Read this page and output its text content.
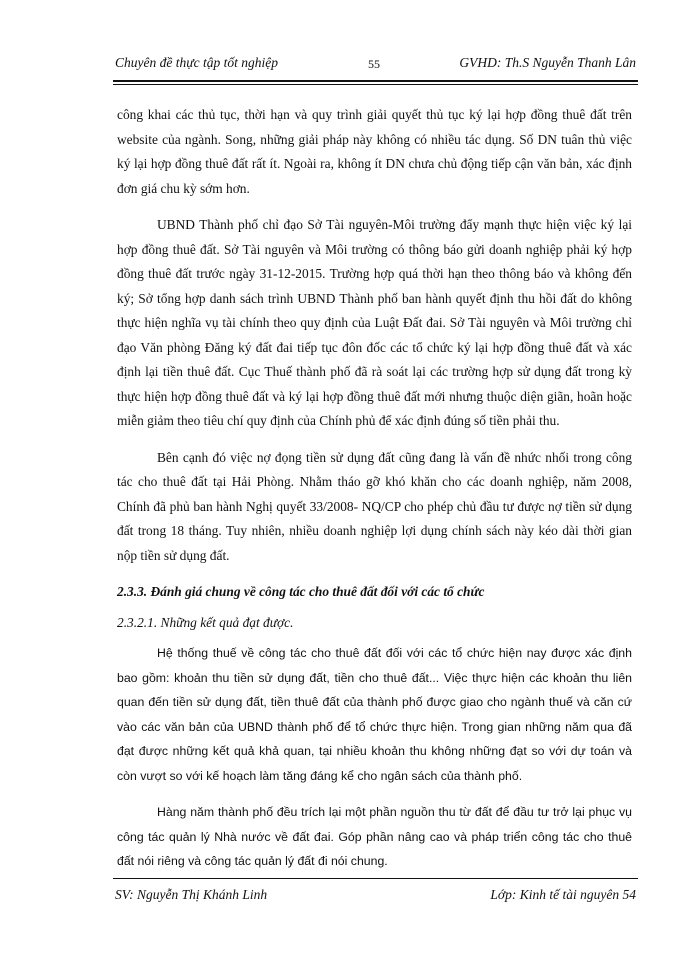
Chuyên đề thực tập tốt nghiệp	55	GVHD: Th.S Nguyễn Thanh Lân

công khai các thủ tục, thời hạn và quy trình giải quyết thủ tục ký lại hợp đồng thuê đất trên website của ngành. Song, những giải pháp này không có nhiều tác dụng. Số DN tuân thủ việc ký lại hợp đồng thuê đất rất ít. Ngoài ra, không ít DN chưa chủ động tiếp cận văn bản, xác định đơn giá chu kỳ sớm hơn.

UBND Thành phố chỉ đạo Sở Tài nguyên-Môi trường đẩy mạnh thực hiện việc ký lại hợp đồng thuê đất. Sở Tài nguyên và Môi trường có thông báo gửi doanh nghiệp phải ký hợp đồng thuê đất trước ngày 31-12-2015. Trường hợp quá thời hạn theo thông báo và không đến ký; Sở tổng hợp danh sách trình UBND Thành phố ban hành quyết định thu hồi đất do không thực hiện nghĩa vụ tài chính theo quy định của Luật Đất đai. Sở Tài nguyên và Môi trường chỉ đạo Văn phòng Đăng ký đất đai tiếp tục đôn đốc các tổ chức ký lại hợp đồng thuê đất và xác định lại tiền thuê đất. Cục Thuế thành phố đã rà soát lại các trường hợp sử dụng đất trong kỳ thực hiện hợp đồng thuê đất và ký lại hợp đồng thuê đất mới nhưng thuộc diện giãn, hoãn hoặc miễn giảm theo tiêu chí quy định của Chính phủ để xác định đúng số tiền phải thu.

Bên cạnh đó việc nợ đọng tiền sử dụng đất cũng đang là vấn đề nhức nhối trong công tác cho thuê đất tại Hải Phòng. Nhằm tháo gỡ khó khăn cho các doanh nghiệp, năm 2008, Chính đã phủ ban hành Nghị quyết 33/2008- NQ/CP cho phép chủ đầu tư được nợ tiền sử dụng đất trong 18 tháng. Tuy nhiên, nhiều doanh nghiệp lợi dụng chính sách này kéo dài thời gian nộp tiền sử dụng đất.

2.3.3. Đánh giá chung về công tác cho thuê đất đối với các tổ chức
2.3.2.1. Những kết quả đạt được.

Hệ thống thuế về công tác cho thuê đất đối với các tổ chức hiện nay được xác định bao gồm: khoản thu tiền sử dụng đất, tiền cho thuê đất... Việc thực hiện các khoản thu liên quan đến tiền sử dụng đất, tiền thuê đất của thành phố được giao cho ngành thuế và căn cứ vào các văn bản của UBND thành phố để tổ chức thực hiện. Trong gian những năm qua đã đạt được những kết quả khả quan, tại nhiều khoản thu không những đạt so với dự toán và còn vượt so với kế hoạch làm tăng đáng kể cho ngân sách của thành phố.

Hàng năm thành phố đều trích lại một phần nguồn thu từ đất để đầu tư trở lại phục vụ công tác quản lý Nhà nước về đất đai. Góp phần nâng cao và pháp triển công tác cho thuê đất nói riêng và công tác quản lý đất đi nói chung.

SV: Nguyễn Thị Khánh Linh	Lớp: Kinh tế tài nguyên 54
